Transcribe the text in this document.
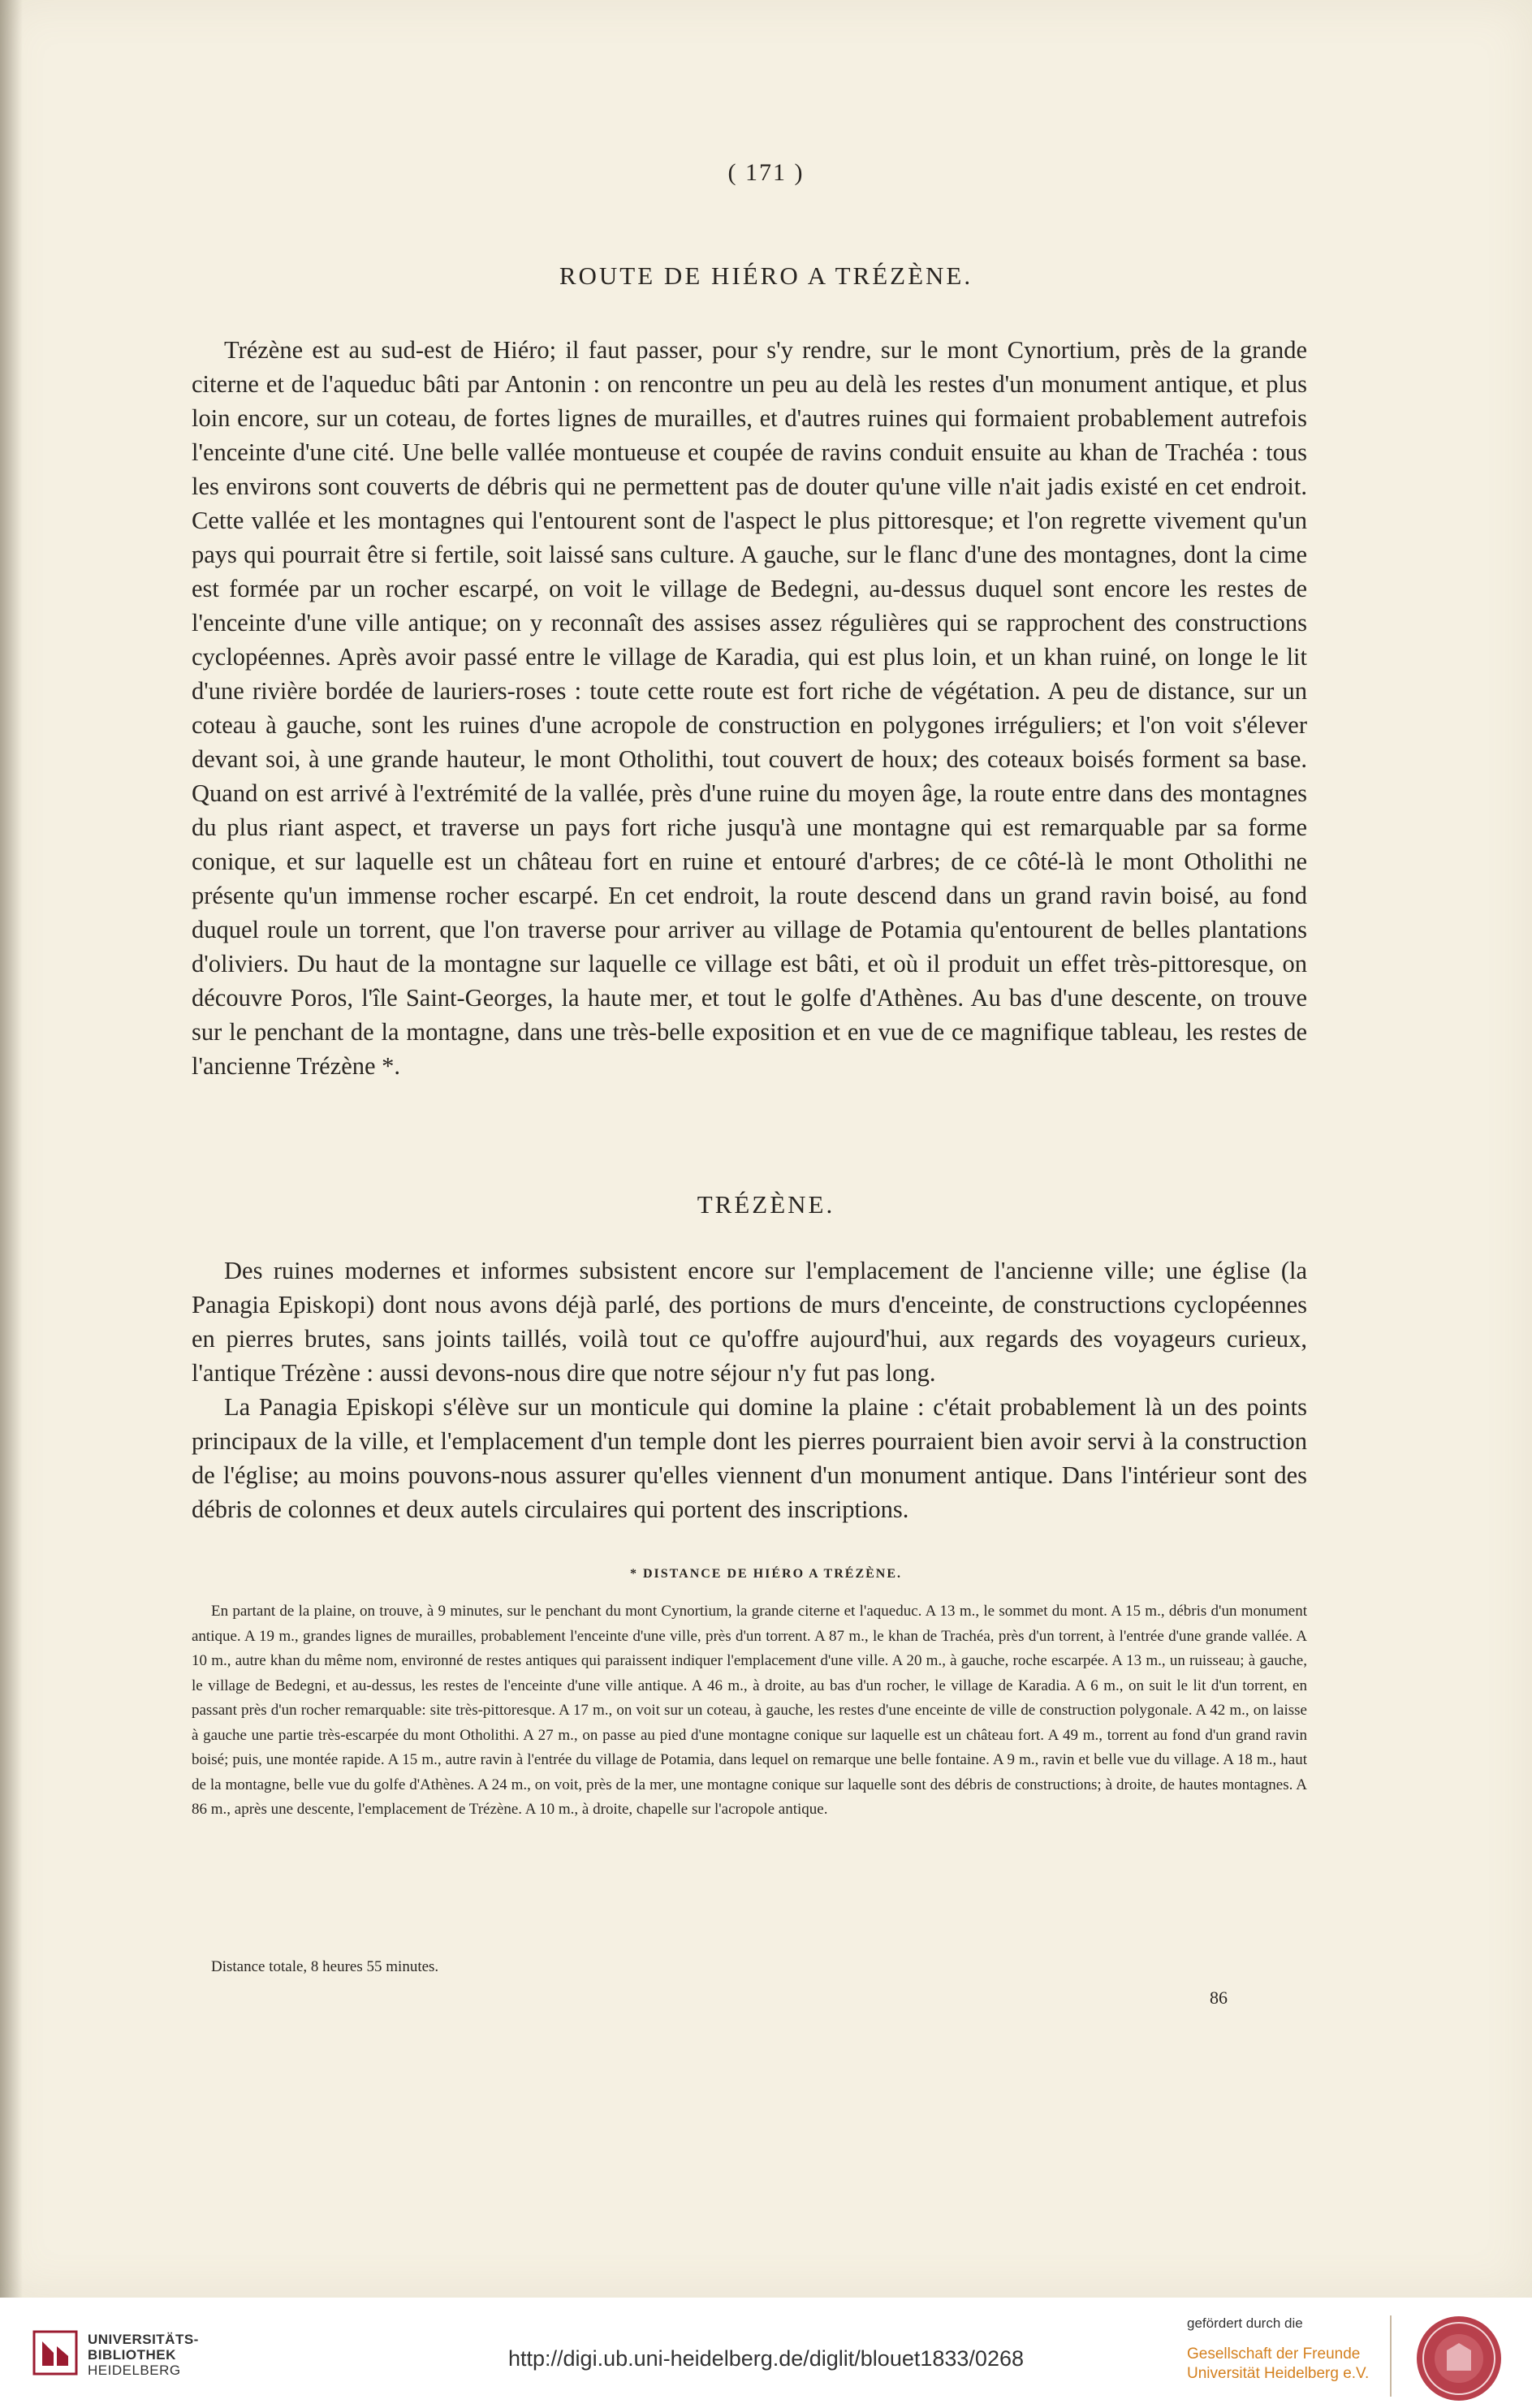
( 171 )
ROUTE DE HIÉRO A TRÉZÈNE.

Trézène est au sud-est de Hiéro; il faut passer, pour s'y rendre, sur le mont Cynortium, près de la grande citerne et de l'aqueduc bâti par Antonin : on rencontre un peu au delà les restes d'un monument antique, et plus loin encore, sur un coteau, de fortes lignes de murailles, et d'autres ruines qui formaient probablement autrefois l'enceinte d'une cité. Une belle vallée montueuse et coupée de ravins conduit ensuite au khan de Trachéa : tous les environs sont couverts de débris qui ne permettent pas de douter qu'une ville n'ait jadis existé en cet endroit. Cette vallée et les montagnes qui l'entourent sont de l'aspect le plus pittoresque; et l'on regrette vivement qu'un pays qui pourrait être si fertile, soit laissé sans culture. A gauche, sur le flanc d'une des montagnes, dont la cime est formée par un rocher escarpé, on voit le village de Bedegni, au-dessus duquel sont encore les restes de l'enceinte d'une ville antique; on y reconnaît des assises assez régulières qui se rapprochent des constructions cyclopéennes. Après avoir passé entre le village de Karadia, qui est plus loin, et un khan ruiné, on longe le lit d'une rivière bordée de lauriers-roses : toute cette route est fort riche de végétation. A peu de distance, sur un coteau à gauche, sont les ruines d'une acropole de construction en polygones irréguliers; et l'on voit s'élever devant soi, à une grande hauteur, le mont Otholithi, tout couvert de houx; des coteaux boisés forment sa base. Quand on est arrivé à l'extrémité de la vallée, près d'une ruine du moyen âge, la route entre dans des montagnes du plus riant aspect, et traverse un pays fort riche jusqu'à une montagne qui est remarquable par sa forme conique, et sur laquelle est un château fort en ruine et entouré d'arbres; de ce côté-là le mont Otholithi ne présente qu'un immense rocher escarpé. En cet endroit, la route descend dans un grand ravin boisé, au fond duquel roule un torrent, que l'on traverse pour arriver au village de Potamia qu'entourent de belles plantations d'oliviers. Du haut de la montagne sur laquelle ce village est bâti, et où il produit un effet très-pittoresque, on découvre Poros, l'île Saint-Georges, la haute mer, et tout le golfe d'Athènes. Au bas d'une descente, on trouve sur le penchant de la montagne, dans une très-belle exposition et en vue de ce magnifique tableau, les restes de l'ancienne Trézène *.

TRÉZÈNE.

Des ruines modernes et informes subsistent encore sur l'emplacement de l'ancienne ville; une église (la Panagia Episkopi) dont nous avons déjà parlé, des portions de murs d'enceinte, de constructions cyclopéennes en pierres brutes, sans joints taillés, voilà tout ce qu'offre aujourd'hui, aux regards des voyageurs curieux, l'antique Trézène : aussi devons-nous dire que notre séjour n'y fut pas long.

La Panagia Episkopi s'élève sur un monticule qui domine la plaine : c'était probablement là un des points principaux de la ville, et l'emplacement d'un temple dont les pierres pourraient bien avoir servi à la construction de l'église; au moins pouvons-nous assurer qu'elles viennent d'un monument antique. Dans l'intérieur sont des débris de colonnes et deux autels circulaires qui portent des inscriptions.

* DISTANCE DE HIÉRO A TRÉZÈNE.

En partant de la plaine, on trouve, à 9 minutes, sur le penchant du mont Cynortium, la grande citerne et l'aqueduc. A 13 m., le sommet du mont. A 15 m., débris d'un monument antique. A 19 m., grandes lignes de murailles, probablement l'enceinte d'une ville, près d'un torrent. A 87 m., le khan de Trachéa, près d'un torrent, à l'entrée d'une grande vallée. A 10 m., autre khan du même nom, environné de restes antiques qui paraissent indiquer l'emplacement d'une ville. A 20 m., à gauche, roche escarpée. A 13 m., un ruisseau; à gauche, le village de Bedegni, et au-dessus, les restes de l'enceinte d'une ville antique. A 46 m., à droite, au bas d'un rocher, le village de Karadia. A 6 m., on suit le lit d'un torrent, en passant près d'un rocher remarquable: site très-pittoresque. A 17 m., on voit sur un coteau, à gauche, les restes d'une enceinte de ville de construction polygonale. A 42 m., on laisse à gauche une partie très-escarpée du mont Otholithi. A 27 m., on passe au pied d'une montagne conique sur laquelle est un château fort. A 49 m., torrent au fond d'un grand ravin boisé; puis, une montée rapide. A 15 m., autre ravin à l'entrée du village de Potamia, dans lequel on remarque une belle fontaine. A 9 m., ravin et belle vue du village. A 18 m., haut de la montagne, belle vue du golfe d'Athènes. A 24 m., on voit, près de la mer, une montagne conique sur laquelle sont des débris de constructions; à droite, de hautes montagnes. A 86 m., après une descente, l'emplacement de Trézène. A 10 m., à droite, chapelle sur l'acropole antique.

Distance totale, 8 heures 55 minutes.

86
UNIVERSITÄTS-
BIBLIOTHEK
HEIDELBERG	http://digi.ub.uni-heidelberg.de/diglit/blouet1833/0268
gefördert durch die
Gesellschaft der Freunde
Universität Heidelberg e.V.
